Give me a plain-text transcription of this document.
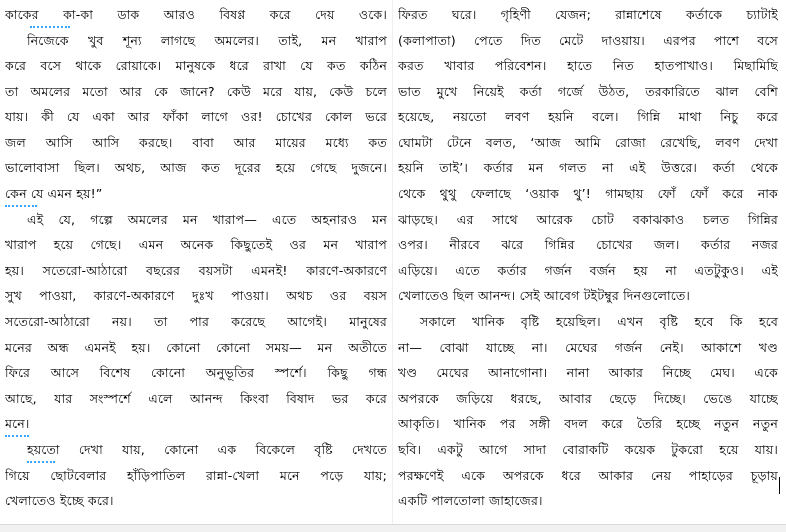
কাকের কা-কা ডাক আরও বিষণ্ণ করে দেয় ওকে।
নিজেকে খুব শূন্য লাগছে অমলের। তাই, মন খারাপ
করে বসে থাকে রোয়াকে। মানুষকে ধরে রাখা যে কত কঠিন
তা অমলের মতো আর কে জানে? কেউ মরে যায়, কেউ চলে
যায়। কী যে একা আর ফাঁকা লাগে ওর! চোখের কোল ভরে
জল আসি আসি করছে। বাবা আর মায়ের মধ্যে কত
ভালোবাসা ছিল। অথচ, আজ কত দূরের হয়ে গেছে দুজনে।
কেন যে এমন হয়!”
এই যে, গল্পে অমলের মন খারাপ— এতে অহনারও মন
খারাপ হয়ে গেছে। এমন অনেক কিছুতেই ওর মন খারাপ
হয়। সতেরো-আঠারো বছরের বয়সটা এমনই! কারণে-অকারণে
সুখ পাওয়া, কারণে-অকারণে দুঃখ পাওয়া। অথচ ওর বয়স
সতেরো-আঠারো নয়। তা পার করেছে আগেই। মানুষের
মনের অন্ধ এমনই হয়। কোনো কোনো সময়— মন অতীতে
ফিরে আসে বিশেষ কোনো অনুভূতির স্পর্শে। কিছু গন্ধ
আছে, যার সংস্পর্শে এলে আনন্দ কিংবা বিষাদ ভর করে
মনে।
হয়তো দেখা যায়, কোনো এক বিকেলে বৃষ্টি দেখতে
গিয়ে ছোটবেলার হাঁড়িপাতিল রান্না-খেলা মনে পড়ে যায়;
খেলাতেও ইচ্ছে করে।
ফিরত ঘরে। গৃহিণী যেজন; রান্নাশেষে কর্তাকে চ্যাটাই
(কলাপাতা) পেতে দিত মেটে দাওয়ায়। এরপর পাশে বসে
করত খাবার পরিবেশন। হাতে নিত হাতপাখাও। মিছামিছি
ভাত মুখে নিয়েই কর্তা গর্জে উঠত, তরকারিতে ঝাল বেশি
হয়েছে, নয়তো লবণ হয়নি বলে। গিন্নি মাথা নিচু করে
ঘোমটা টেনে বলত, ‘আজ আমি রোজা রেখেছি, লবণ দেখা
হয়নি তাই’। কর্তার মন গলত না এই উত্তরে। কর্তা থেকে
থেকে থুথু ফেলাছে ‘ওয়াক থু’! গামছায় ফোঁ ফোঁ করে নাক
ঝাড়ছে। এর সাথে আরেক চোট বকাঝকাও চলত গিন্নির
ওপর। নীরবে ঝরে গিন্নির চোখের জল। কর্তার নজর
এড়িয়ে। এতে কর্তার গর্জন বর্জন হয় না এতটুকুও। এই
খেলাতেও ছিল আনন্দ। সেই আবেগ টইটম্বুর দিনগুলোতে।
সকালে খানিক বৃষ্টি হয়েছিল। এখন বৃষ্টি হবে কি হবে
না— বোঝা যাচ্ছে না। মেঘের গর্জন নেই। আকাশে খণ্ড
খণ্ড মেঘের আনাগোনা। নানা আকার নিচ্ছে মেঘ। একে
অপরকে জড়িয়ে ধরছে, আবার ছেড়ে দিচ্ছে। ভেঙে যাচ্ছে
আকৃতি। খানিক পর সঙ্গী বদল করে তৈরি হচ্ছে নতুন নতুন
ছবি। একটু আগে সাদা বোরাকটি কয়েক টুকরো হয়ে যায়।
পরক্ষণেই একে অপরকে ধরে আকার নেয় পাহাড়ের চূড়ায়
একটি পালতোলা জাহাজের।
